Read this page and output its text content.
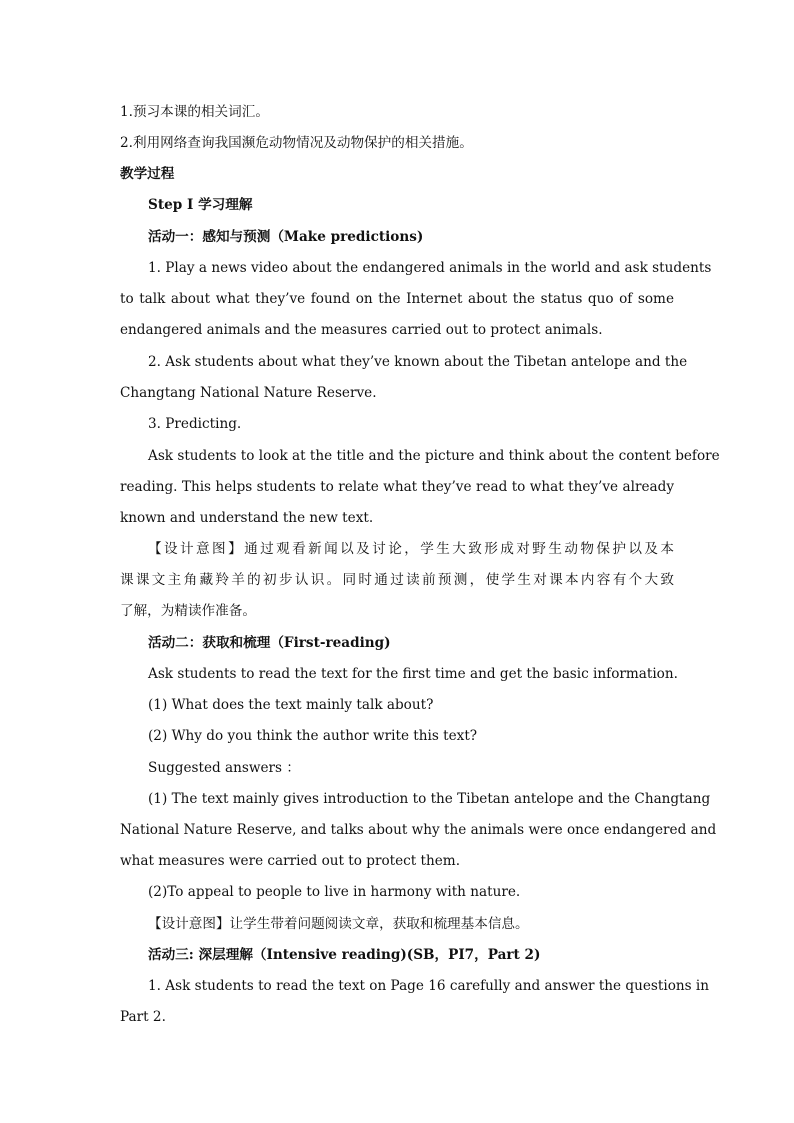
1.预习本课的相关词汇。
2.利用网络查询我国濒危动物情况及动物保护的相关措施。
教学过程
Step I 学习理解
活动一：感知与预测（Make predictions)
1. Play a news video about the endangered animals in the world and ask students
to talk about what they’ve found on the Internet about the status quo of some
endangered animals and the measures carried out to protect animals.
2. Ask students about what they’ve known about the Tibetan antelope and the
Changtang National Nature Reserve.
3. Predicting.
Ask students to look at the title and the picture and think about the content before
reading. This helps students to relate what they’ve read to what they’ve already
known and understand the new text.
【设计意图】通过观看新闻以及讨论，学生大致形成对野生动物保护以及本
课课文主角藏羚羊的初步认识。同时通过读前预测，使学生对课本内容有个大致
了解，为精读作准备。
活动二：获取和梳理（First-reading)
Ask students to read the text for the first time and get the basic information.
(1) What does the text mainly talk about?
(2) Why do you think the author write this text?
Suggested answers ：
(1) The text mainly gives introduction to the Tibetan antelope and the Changtang
National Nature Reserve, and talks about why the animals were once endangered and
what measures were carried out to protect them.
(2)To appeal to people to live in harmony with nature.
【设计意图】让学生带着问题阅读文章，获取和梳理基本信息。
活动三: 深层理解（Intensive reading)(SB，PI7，Part 2)
1. Ask students to read the text on Page 16 carefully and answer the questions in
Part 2.
